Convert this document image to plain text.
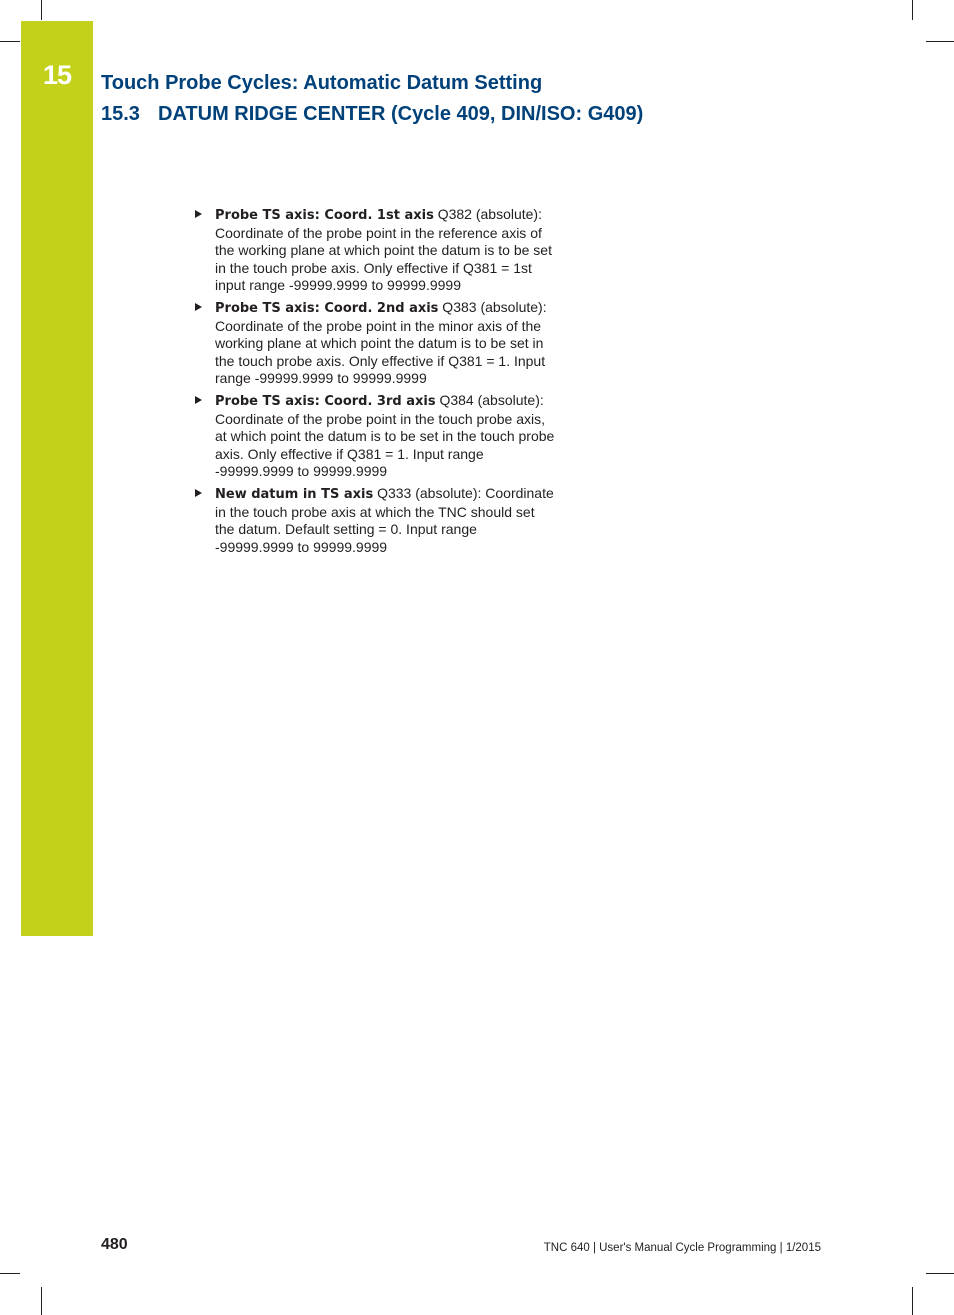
15	Touch Probe Cycles: Automatic Datum Setting
15.3 DATUM RIDGE CENTER (Cycle 409, DIN/ISO: G409)
Probe TS axis: Coord. 1st axis Q382 (absolute): Coordinate of the probe point in the reference axis of the working plane at which point the datum is to be set in the touch probe axis. Only effective if Q381 = 1st input range -99999.9999 to 99999.9999
Probe TS axis: Coord. 2nd axis Q383 (absolute): Coordinate of the probe point in the minor axis of the working plane at which point the datum is to be set in the touch probe axis. Only effective if Q381 = 1. Input range -99999.9999 to 99999.9999
Probe TS axis: Coord. 3rd axis Q384 (absolute): Coordinate of the probe point in the touch probe axis, at which point the datum is to be set in the touch probe axis. Only effective if Q381 = 1. Input range -99999.9999 to 99999.9999
New datum in TS axis Q333 (absolute): Coordinate in the touch probe axis at which the TNC should set the datum. Default setting = 0. Input range -99999.9999 to 99999.9999
480	TNC 640 | User's Manual Cycle Programming | 1/2015
